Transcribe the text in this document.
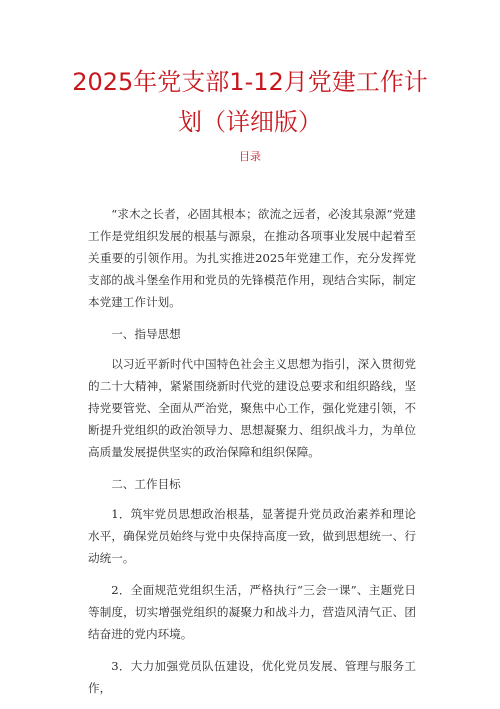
2025年党支部1-12月党建工作计
划（详细版）
目录

“求木之长者，必固其根本；欲流之远者，必浚其泉源”党建工作是党组织发展的根基与源泉，在推动各项事业发展中起着至关重要的引领作用。为扎实推进2025年党建工作，充分发挥党支部的战斗堡垒作用和党员的先锋模范作用，现结合实际，制定本党建工作计划。

一、指导思想

以习近平新时代中国特色社会主义思想为指引，深入贯彻党的二十大精神，紧紧围绕新时代党的建设总要求和组织路线，坚持党要管党、全面从严治党，聚焦中心工作，强化党建引领，不断提升党组织的政治领导力、思想凝聚力、组织战斗力，为单位高质量发展提供坚实的政治保障和组织保障。

二、工作目标

1．筑牢党员思想政治根基，显著提升党员政治素养和理论水平，确保党员始终与党中央保持高度一致，做到思想统一、行动统一。

2．全面规范党组织生活，严格执行“三会一课”、主题党日等制度，切实增强党组织的凝聚力和战斗力，营造风清气正、团结奋进的党内环境。

3．大力加强党员队伍建设，优化党员发展、管理与服务工作，
